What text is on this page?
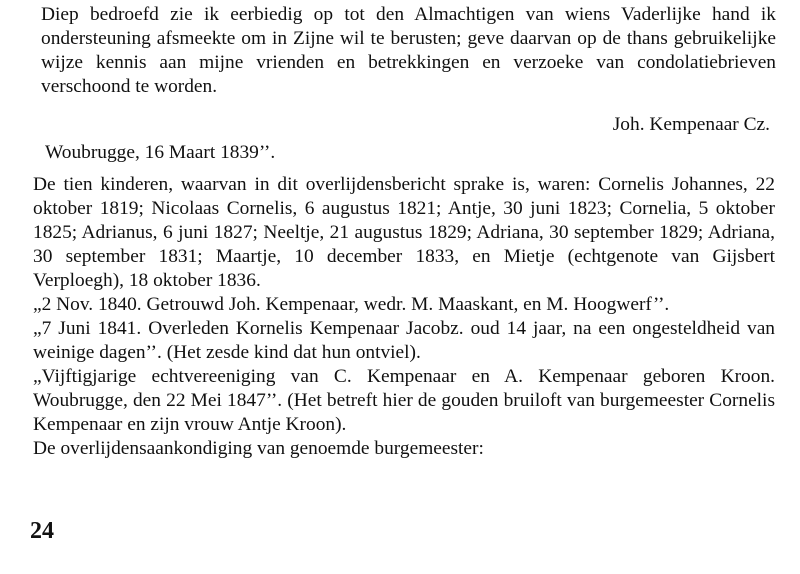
Diep bedroefd zie ik eerbiedig op tot den Almachtigen van wiens Vaderlijke hand ik ondersteuning afsmeekte om in Zijne wil te berusten; geve daarvan op de thans gebruikelijke wijze kennis aan mijne vrienden en betrekkingen en verzoeke van condolatiebrieven verschoond te worden.

Joh. Kempenaar Cz.

Woubrugge, 16 Maart 1839’’.

De tien kinderen, waarvan in dit overlijdensbericht sprake is, waren: Cornelis Johannes, 22 oktober 1819; Nicolaas Cornelis, 6 augustus 1821; Antje, 30 juni 1823; Cornelia, 5 oktober 1825; Adrianus, 6 juni 1827; Neeltje, 21 augustus 1829; Adriana, 30 september 1829; Adriana, 30 september 1831; Maartje, 10 december 1833, en Mietje (echtgenote van Gijsbert Verploegh), 18 oktober 1836.

„2 Nov. 1840. Getrouwd Joh. Kempenaar, wedr. M. Maaskant, en M. Hoogwerf’’.

„7 Juni 1841. Overleden Kornelis Kempenaar Jacobz. oud 14 jaar, na een ongesteldheid van weinige dagen’’. (Het zesde kind dat hun ontviel).

„Vijftigjarige echtvereeniging van C. Kempenaar en A. Kempenaar geboren Kroon. Woubrugge, den 22 Mei 1847’’. (Het betreft hier de gouden bruiloft van burgemeester Cornelis Kempenaar en zijn vrouw Antje Kroon).

De overlijdensaankondiging van genoemde burgemeester:

24
